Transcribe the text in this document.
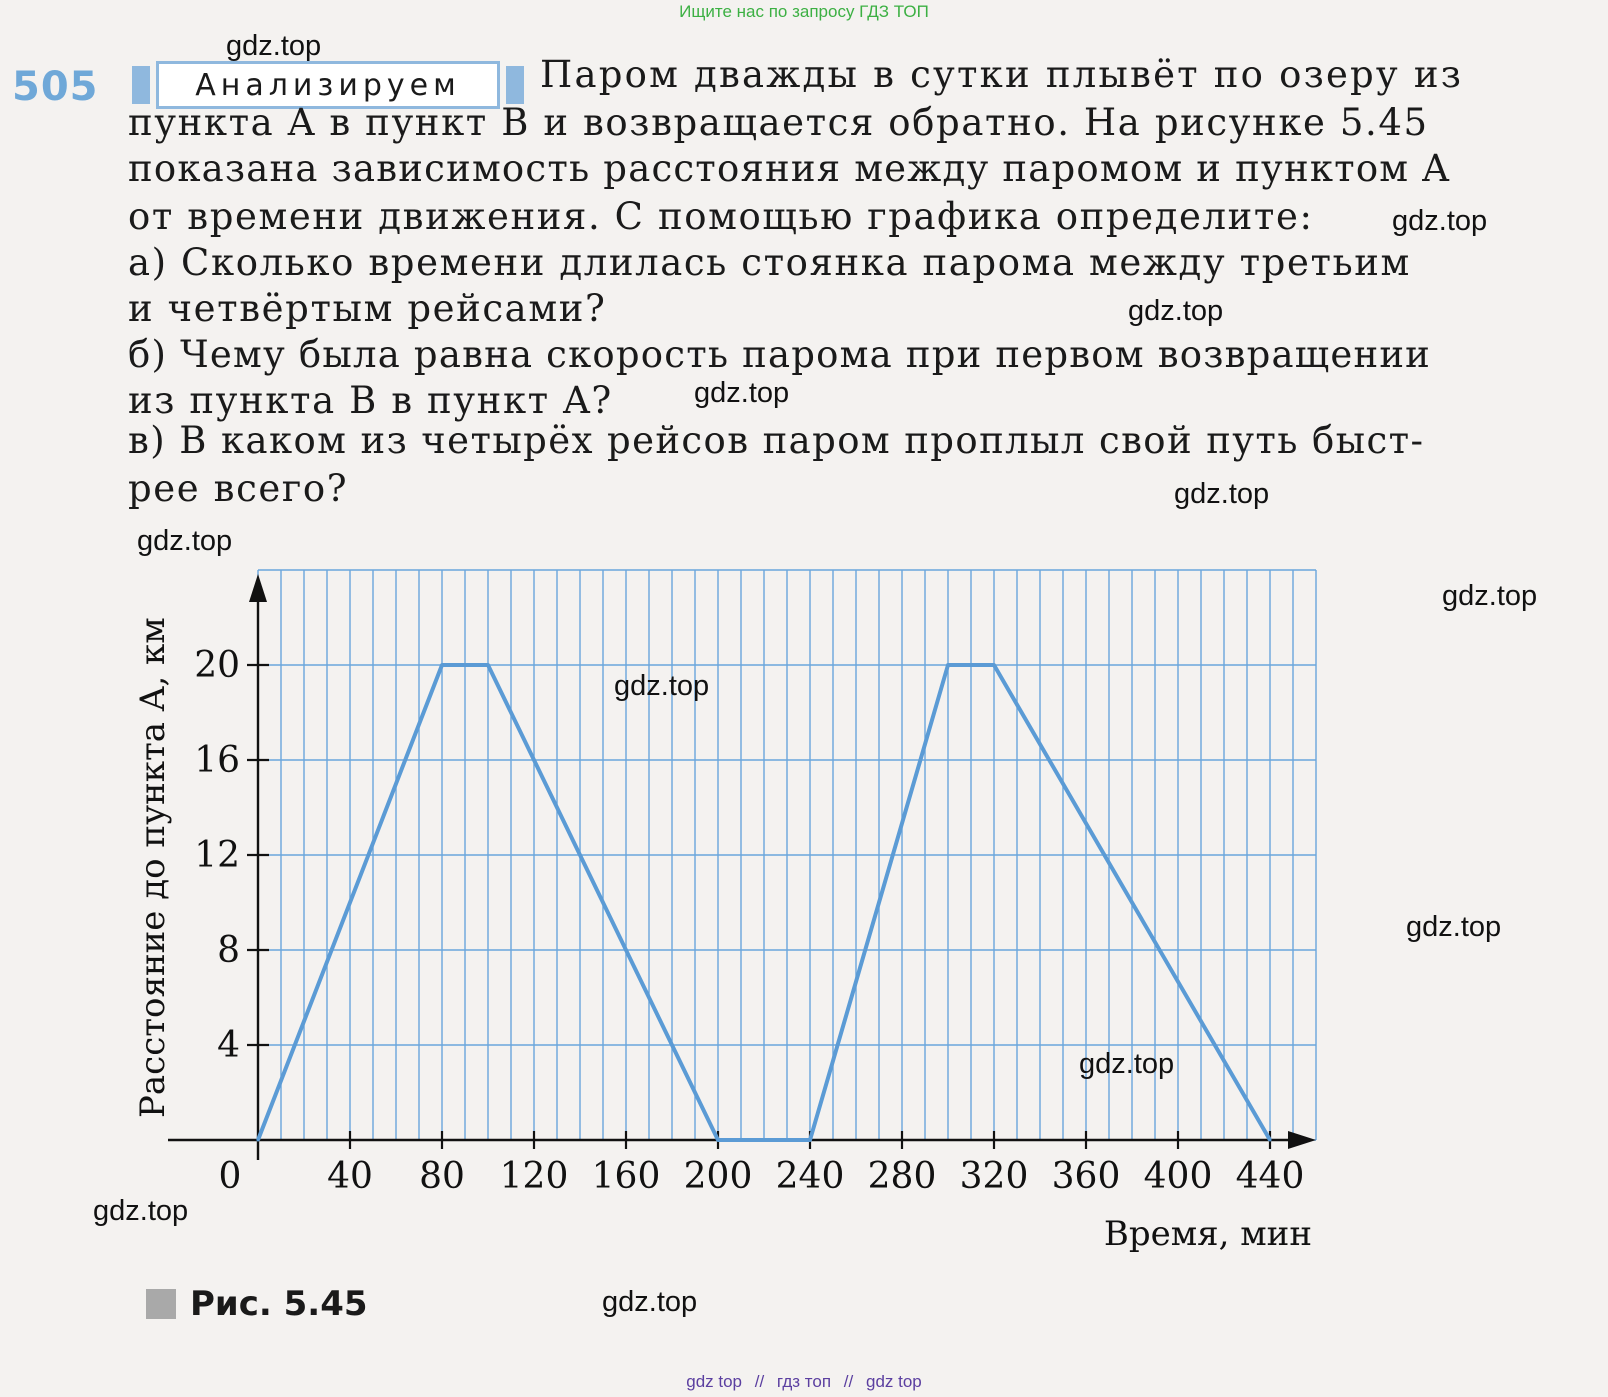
Ищите нас по запросу ГДЗ ТОП
505	Анализируем	Паром дважды в сутки плывёт по озеру из
пункта A в пункт B и возвращается обратно. На рисунке 5.45
показана зависимость расстояния между паромом и пунктом A
от времени движения. С помощью графика определите:
а) Сколько времени длилась стоянка парома между третьим
и четвёртым рейсами?
б) Чему была равна скорость парома при первом возвращении
из пункта B в пункт A?
в) В каком из четырёх рейсов паром проплыл свой путь быст-
рее всего?
0 40 80 120 160 200 240 280 320 360 400 440
4
8
12
16
20
Расстояние до пункта A, км
Время, мин
gdz.top
gdz.top
gdz.top
gdz.top
gdz.top
gdz.top
gdz.top
gdz.top
gdz.top
gdz.top
gdz.top
gdz.top
Рис. 5.45
gdz top // гдз топ // gdz top
